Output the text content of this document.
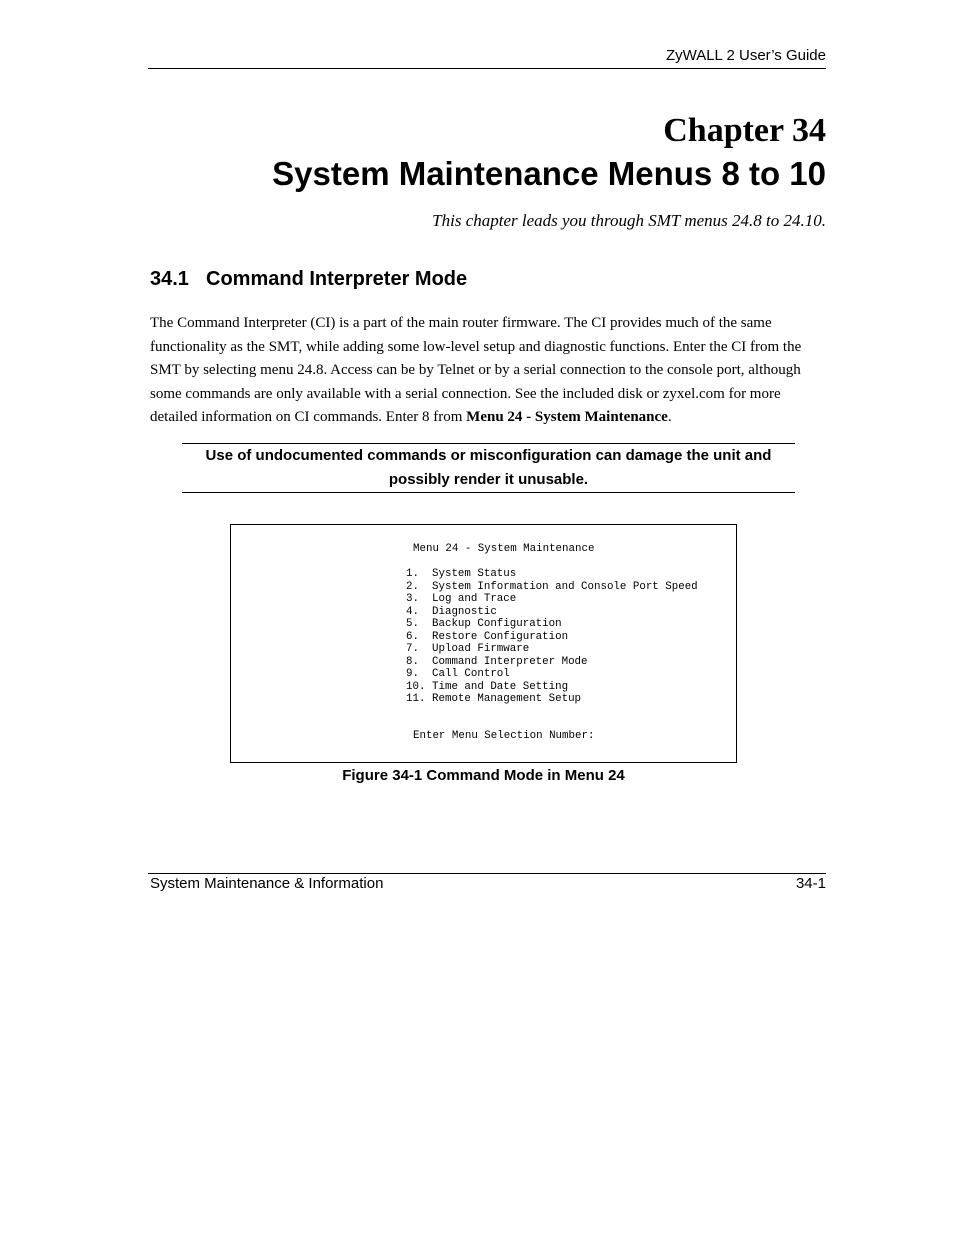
ZyWALL 2 User’s Guide
Chapter 34
System Maintenance Menus 8 to 10
This chapter leads you through SMT menus 24.8 to 24.10.
34.1 Command Interpreter Mode
The Command Interpreter (CI) is a part of the main router firmware. The CI provides much of the same functionality as the SMT, while adding some low-level setup and diagnostic functions. Enter the CI from the SMT by selecting menu 24.8. Access can be by Telnet or by a serial connection to the console port, although some commands are only available with a serial connection. See the included disk or zyxel.com for more detailed information on CI commands. Enter 8 from Menu 24 - System Maintenance.
Use of undocumented commands or misconfiguration can damage the unit and possibly render it unusable.
Menu 24 - System Maintenance
1. System Status
2. System Information and Console Port Speed
3. Log and Trace
4. Diagnostic
5. Backup Configuration
6. Restore Configuration
7. Upload Firmware
8. Command Interpreter Mode
9. Call Control
10. Time and Date Setting
11. Remote Management Setup
Enter Menu Selection Number:
Figure 34-1 Command Mode in Menu 24
System Maintenance & Information	34-1
